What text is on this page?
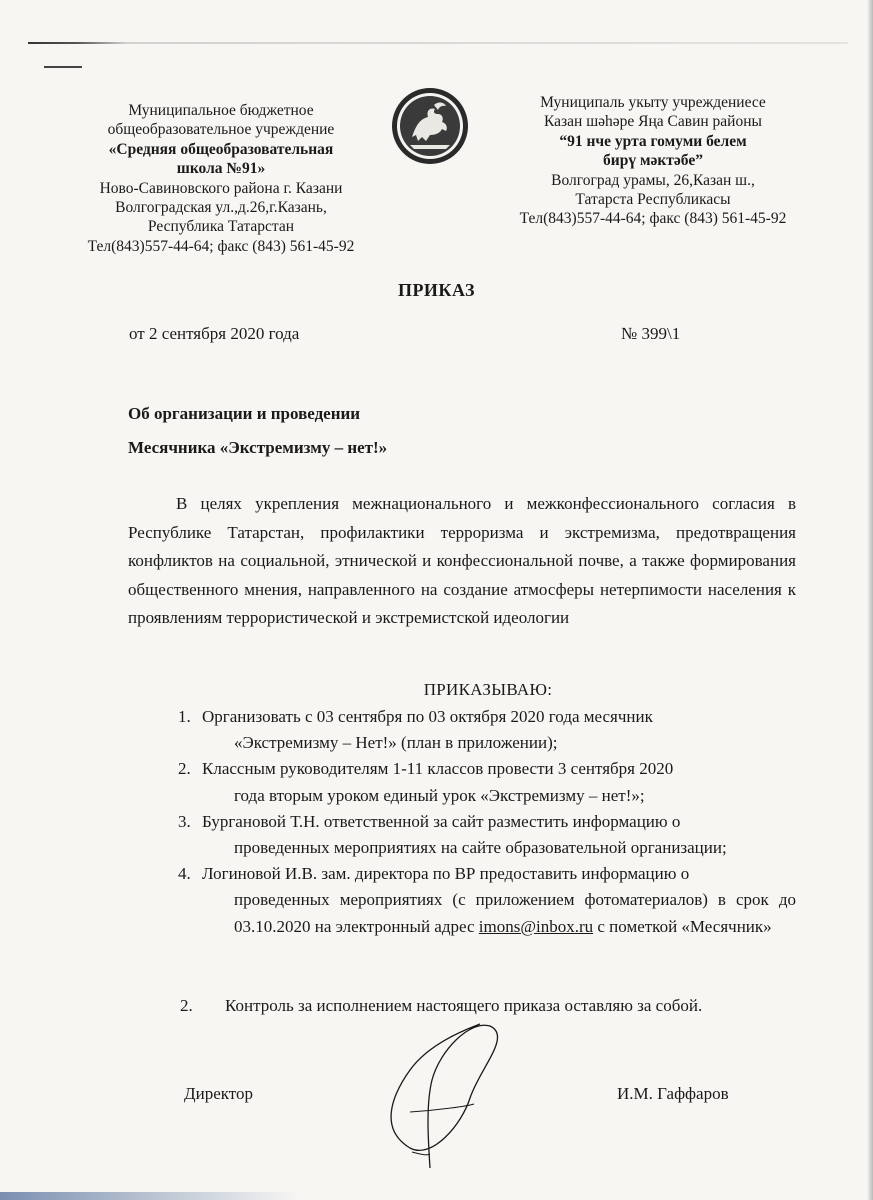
Муниципальное бюджетное
общеобразовательное учреждение
«Средняя общеобразовательная
школа №91»
Ново-Савиновского района г. Казани
Волгоградская ул.,д.26,г.Казань,
Республика Татарстан
Тел(843)557-44-64; факс (843) 561-45-92
Муниципаль укыту учреждениесе
Казан шәһәре Яңа Савин районы
“91 нче урта гомуми белем
бирү мәктәбе”
Волгоград урамы, 26,Казан ш.,
Татарста Республикасы
Тел(843)557-44-64; факс (843) 561-45-92
ПРИКАЗ
от 2 сентября 2020 года	№ 399\1
Об организации и проведении
Месячника «Экстремизму – нет!»
В целях укрепления межнационального и межконфессионального согласия в Республике Татарстан, профилактики терроризма и экстремизма, предотвращения конфликтов на социальной, этнической и конфессиональной почве, а также формирования общественного мнения, направленного на создание атмосферы нетерпимости населения к проявлениям террористической и экстремистской идеологии
ПРИКАЗЫВАЮ:
1. Организовать с 03 сентября по 03 октября 2020 года месячник
«Экстремизму – Нет!» (план в приложении);
2. Классным руководителям 1-11 классов провести 3 сентября 2020
года вторым уроком единый урок «Экстремизму – нет!»;
3. Бургановой Т.Н. ответственной за сайт разместить информацию о
проведенных мероприятиях на сайте образовательной организации;
4. Логиновой И.В. зам. директора по ВР предоставить информацию о
проведенных мероприятиях (с приложением фотоматериалов) в срок до 03.10.2020 на электронный адрес imons@inbox.ru с пометкой «Месячник»
2. Контроль за исполнением настоящего приказа оставляю за собой.
Директор	И.М. Гаффаров
